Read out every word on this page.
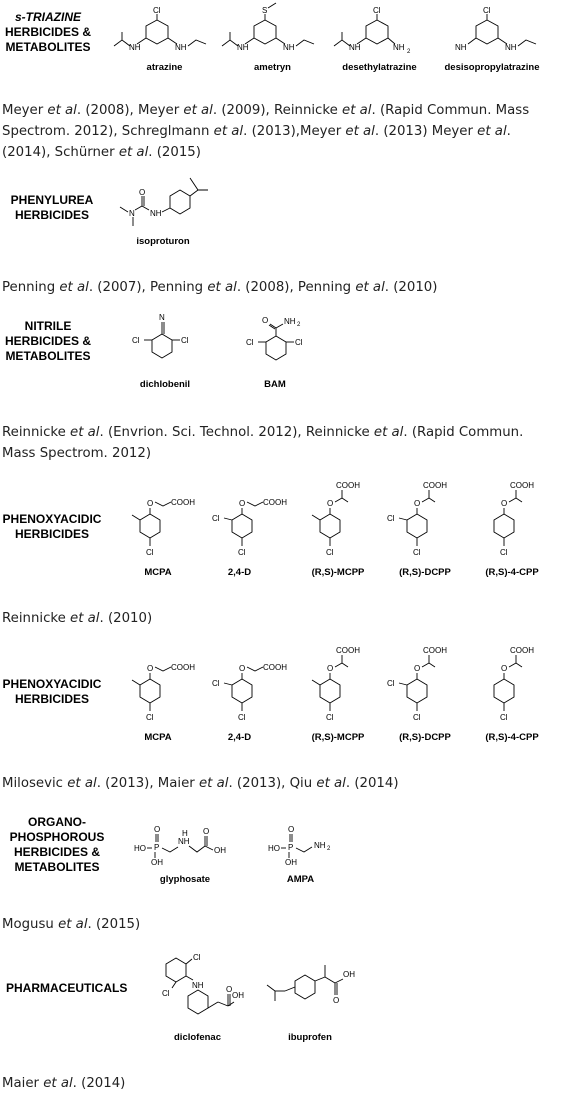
s-TRIAZINE
HERBICIDES &
METABOLITES
Cl
NH	NH
atrazine
S
NH	NH
ametryn
Cl
NH	NH 2
desethylatrazine
Cl
NH	NH
desisopropylatrazine
Meyer et al. (2008), Meyer et al. (2009), Reinnicke et al. (Rapid Commun. Mass Spectrom. 2012), Schreglmann et al. (2013),Meyer et al. (2013) Meyer et al. (2014), Schürner et al. (2015)
PHENYLUREA
HERBICIDES	NH
O
N
isoproturon
Penning et al. (2007), Penning et al. (2008), Penning et al. (2010)
NITRILE
HERBICIDES &
METABOLITES
N
Cl	Cl
dichlobenil
O NH 2
Cl	Cl
BAM
Reinnicke et al. (Envrion. Sci. Technol. 2012), Reinnicke et al. (Rapid Commun. Mass Spectrom. 2012)
PHENOXYACIDIC
HERBICIDES
Reinnicke et al. (2010)
PHENOXYACIDIC
HERBICIDES
Milosevic et al. (2013), Maier et al. (2013), Qiu et al. (2014)
ORGANO-
PHOSPHOROUS
HERBICIDES &
METABOLITES
O
P
OH
HO
NH
H O
OH
glyphosate
O
P
OH
HO	NH 2
AMPA
Mogusu et al. (2015)
PHARMACEUTICALS
Cl
Cl
NH	O
OH
diclofenac
O
OH
ibuprofen
Maier et al. (2014)
Cl
O COOH
MCPA
Cl
O
Cl
COOH
2,4-D
Cl
O
COOH
(R,S)-MCPP
Cl
O
Cl
COOH
(R,S)-DCPP
Cl
O
COOH
(R,S)-4-CPP
Cl
O COOH
MCPA
Cl
O
Cl
COOH
2,4-D
Cl
O
COOH
(R,S)-MCPP
Cl
O
Cl
COOH
(R,S)-DCPP
Cl
O
COOH
(R,S)-4-CPP
